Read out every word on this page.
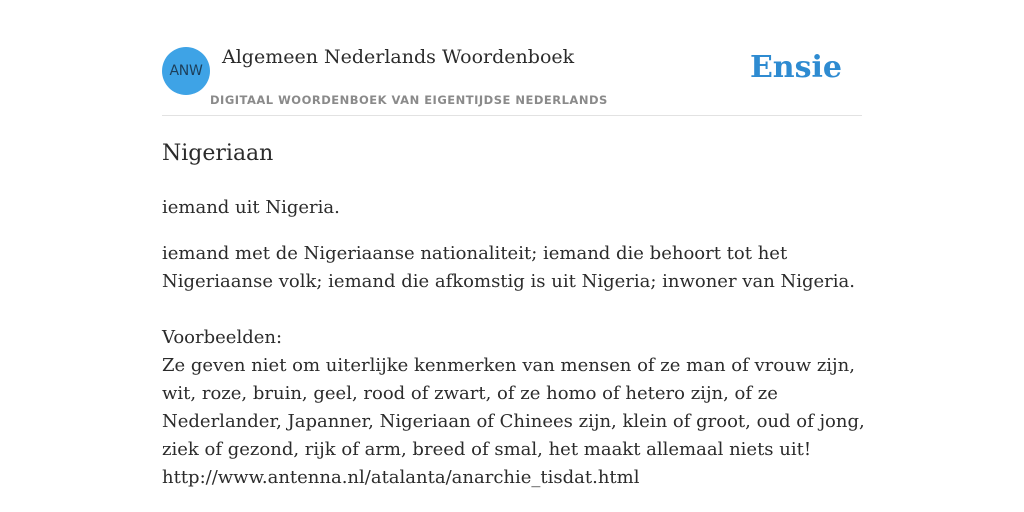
ANW
Algemeen Nederlands Woordenboek
DIGITAAL WOORDENBOEK VAN EIGENTIJDSE NEDERLANDS
Ensie
Nigeriaan

iemand uit Nigeria.

iemand met de Nigeriaanse nationaliteit; iemand die behoort tot het Nigeriaanse volk; iemand die afkomstig is uit Nigeria; inwoner van Nigeria.

Voorbeelden:

Ze geven niet om uiterlijke kenmerken van mensen of ze man of vrouw zijn, wit, roze, bruin, geel, rood of zwart, of ze homo of hetero zijn, of ze Nederlander, Japanner, Nigeriaan of Chinees zijn, klein of groot, oud of jong, ziek of gezond, rijk of arm, breed of smal, het maakt allemaal niets uit!

http://www.antenna.nl/atalanta/anarchie_tisdat.html
